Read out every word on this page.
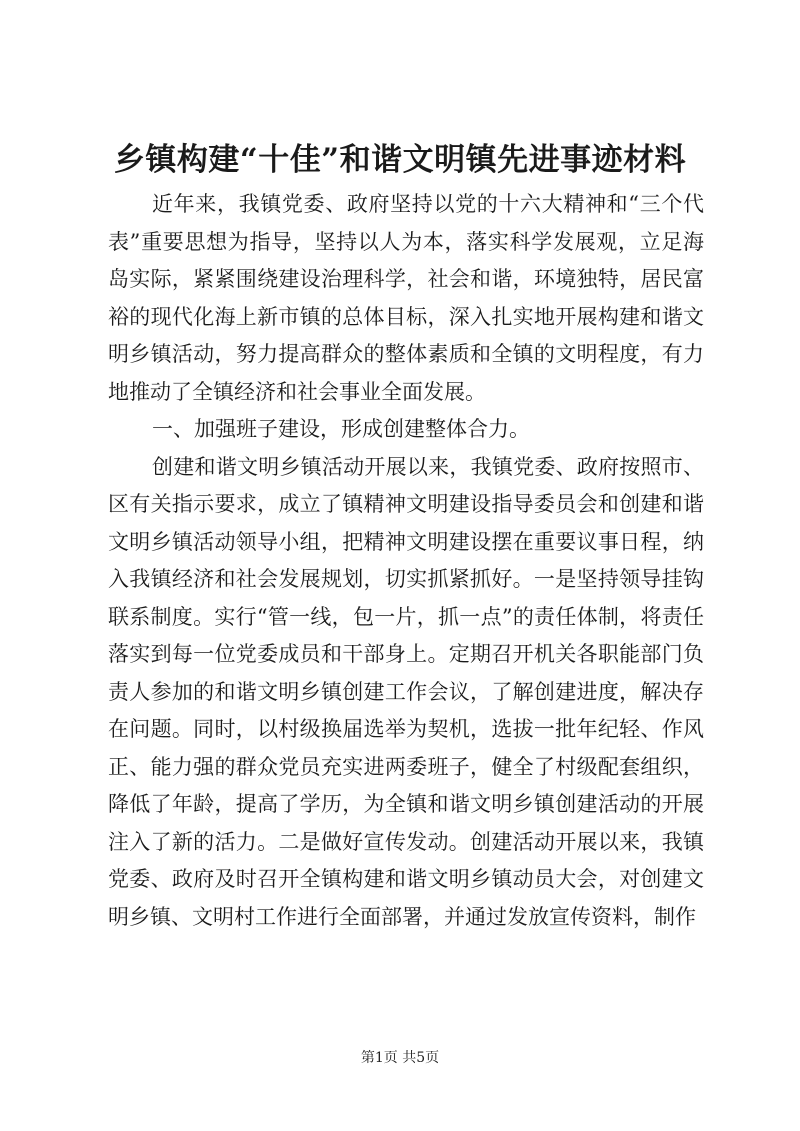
乡镇构建“十佳”和谐文明镇先进事迹材料

近年来，我镇党委、政府坚持以党的十六大精神和“三个代表”重要思想为指导，坚持以人为本，落实科学发展观，立足海岛实际，紧紧围绕建设治理科学，社会和谐，环境独特，居民富裕的现代化海上新市镇的总体目标，深入扎实地开展构建和谐文明乡镇活动，努力提高群众的整体素质和全镇的文明程度，有力地推动了全镇经济和社会事业全面发展。

一、加强班子建设，形成创建整体合力。

创建和谐文明乡镇活动开展以来，我镇党委、政府按照市、区有关指示要求，成立了镇精神文明建设指导委员会和创建和谐文明乡镇活动领导小组，把精神文明建设摆在重要议事日程，纳入我镇经济和社会发展规划，切实抓紧抓好。一是坚持领导挂钩联系制度。实行“管一线，包一片，抓一点”的责任体制，将责任落实到每一位党委成员和干部身上。定期召开机关各职能部门负责人参加的和谐文明乡镇创建工作会议，了解创建进度，解决存在问题。同时，以村级换届选举为契机，选拔一批年纪轻、作风正、能力强的群众党员充实进两委班子，健全了村级配套组织，降低了年龄，提高了学历，为全镇和谐文明乡镇创建活动的开展注入了新的活力。二是做好宣传发动。创建活动开展以来，我镇党委、政府及时召开全镇构建和谐文明乡镇动员大会，对创建文明乡镇、文明村工作进行全面部署，并通过发放宣传资料，制作

第1页 共5页
